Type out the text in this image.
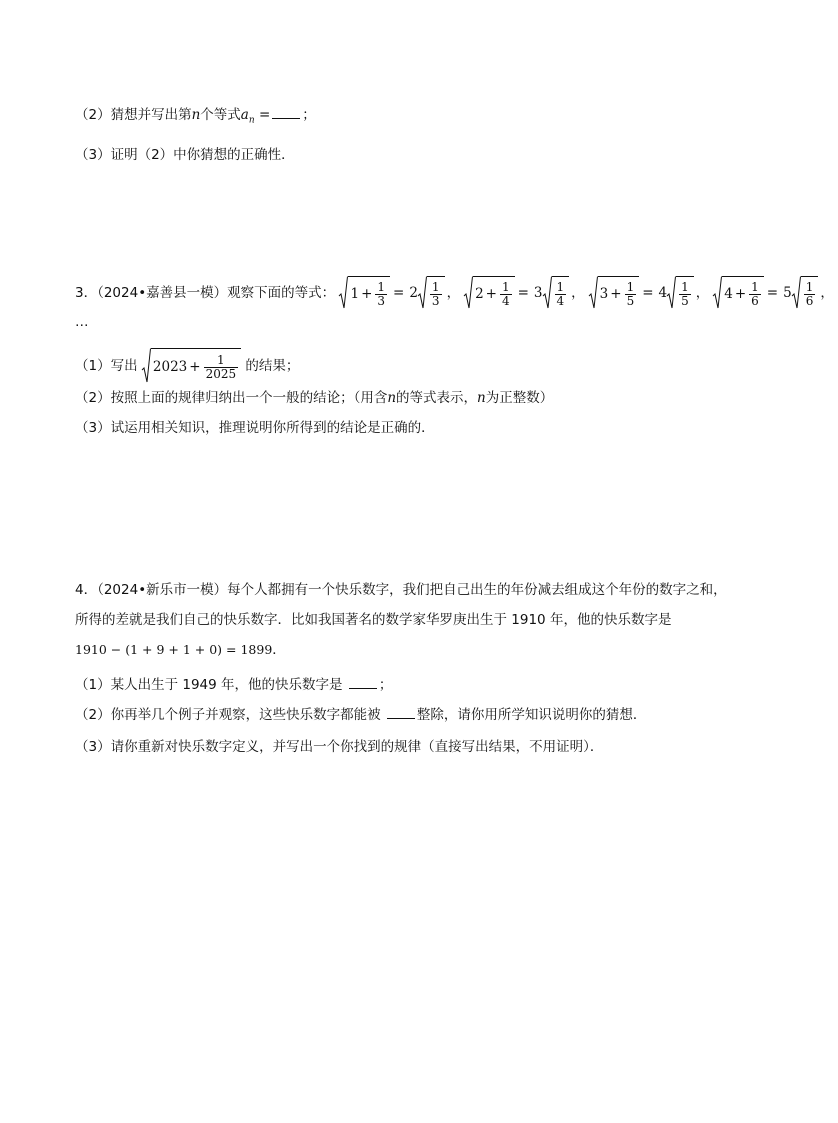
（2）猜想并写出第n个等式$a_n$ = ；
（3）证明（2）中你猜想的正确性．
3．（2024•嘉善县一模）观察下面的等式： $1 + \frac{1}{3} = 2 \frac{1}{3}$ ， $2 + \frac{1}{4} = 3 \frac{1}{4}$ ， $3 + \frac{1}{5} = 4 \frac{1}{5}$ ， $4 + \frac{1}{6} = 5 \frac{1}{6}$ ，
…
（1）写出 $2023 + \frac{1}{2025}$ 的结果；
（2）按照上面的规律归纳出一个一般的结论；（用含n的等式表示，n为正整数）
（3）试运用相关知识，推理说明你所得到的结论是正确的．
4．（2024•新乐市一模）每个人都拥有一个快乐数字，我们把自己出生的年份减去组成这个年份的数字之和，
所得的差就是我们自己的快乐数字．比如我国著名的数学家华罗庚出生于 1910 年，他的快乐数字是
1910 − (1 + 9 + 1 + 0) = 1899．
（1）某人出生于 1949 年，他的快乐数字是	；
（2）你再举几个例子并观察，这些快乐数字都能被	整除，请你用所学知识说明你的猜想．
（3）请你重新对快乐数字定义，并写出一个你找到的规律（直接写出结果，不用证明）．
